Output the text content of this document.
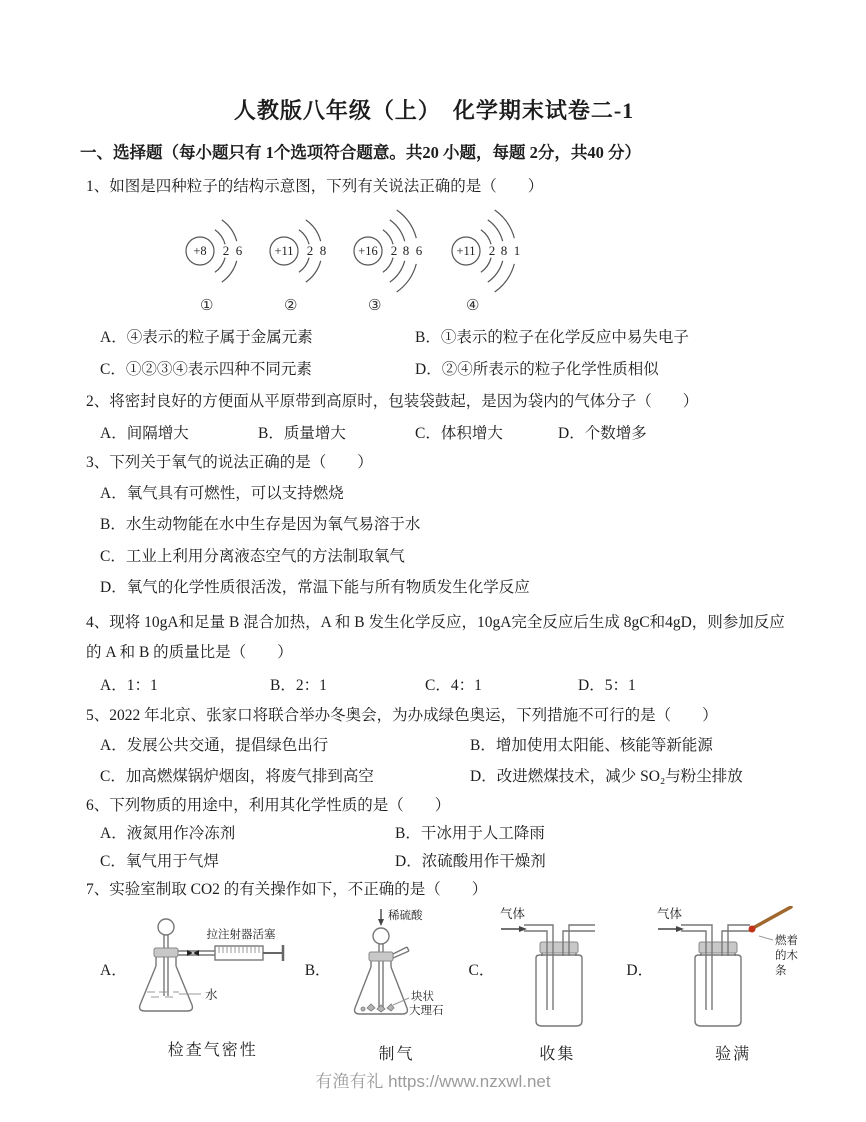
人教版八年级（上）　化学期末试卷二-1
一、选择题（每小题只有 1个选项符合题意。共20 小题，每题 2分，共40 分）
1、如图是四种粒子的结构示意图，下列有关说法正确的是（　　）
+8 2 6
①
+11 2 8
②
+16 2 8 6
③
+11 2 8 1
④
A．④表示的粒子属于金属元素	B．①表示的粒子在化学反应中易失电子
C．①②③④表示四种不同元素	D．②④所表示的粒子化学性质相似
2、将密封良好的方便面从平原带到高原时，包装袋鼓起，是因为袋内的气体分子（　　）
A．间隔增大	B．质量增大	C．体积增大	D．个数增多
3、下列关于氧气的说法正确的是（　　）
A．氧气具有可燃性，可以支持燃烧
B．水生动物能在水中生存是因为氧气易溶于水
C．工业上利用分离液态空气的方法制取氧气
D．氧气的化学性质很活泼，常温下能与所有物质发生化学反应
4、现将 10gA和足量 B 混合加热，A 和 B 发生化学反应，10gA完全反应后生成 8gC和4gD，则参加反应的 A 和 B 的质量比是（　　）
A．1：1	B．2：1	C．4：1	D．5：1
5、2022 年北京、张家口将联合举办冬奥会，为办成绿色奥运，下列措施不可行的是（　　）
A．发展公共交通，提倡绿色出行	B．增加使用太阳能、核能等新能源
C．加高燃煤锅炉烟囱，将废气排到高空	D．改进燃煤技术，减少 SO₂与粉尘排放
6、下列物质的用途中，利用其化学性质的是（　　）
A．液氮用作冷冻剂	B．干冰用于人工降雨
C．氧气用于气焊	D．浓硫酸用作干燥剂
7、实验室制取 CO2 的有关操作如下，不正确的是（　　）
A．
水
拉注射器活塞
检查气密性
B．
稀硫酸
块状
大理石
制气
C．
气体
收集
D．
气体
燃着
的木
条
验满
有渔有礼 https://www.nzxwl.net
